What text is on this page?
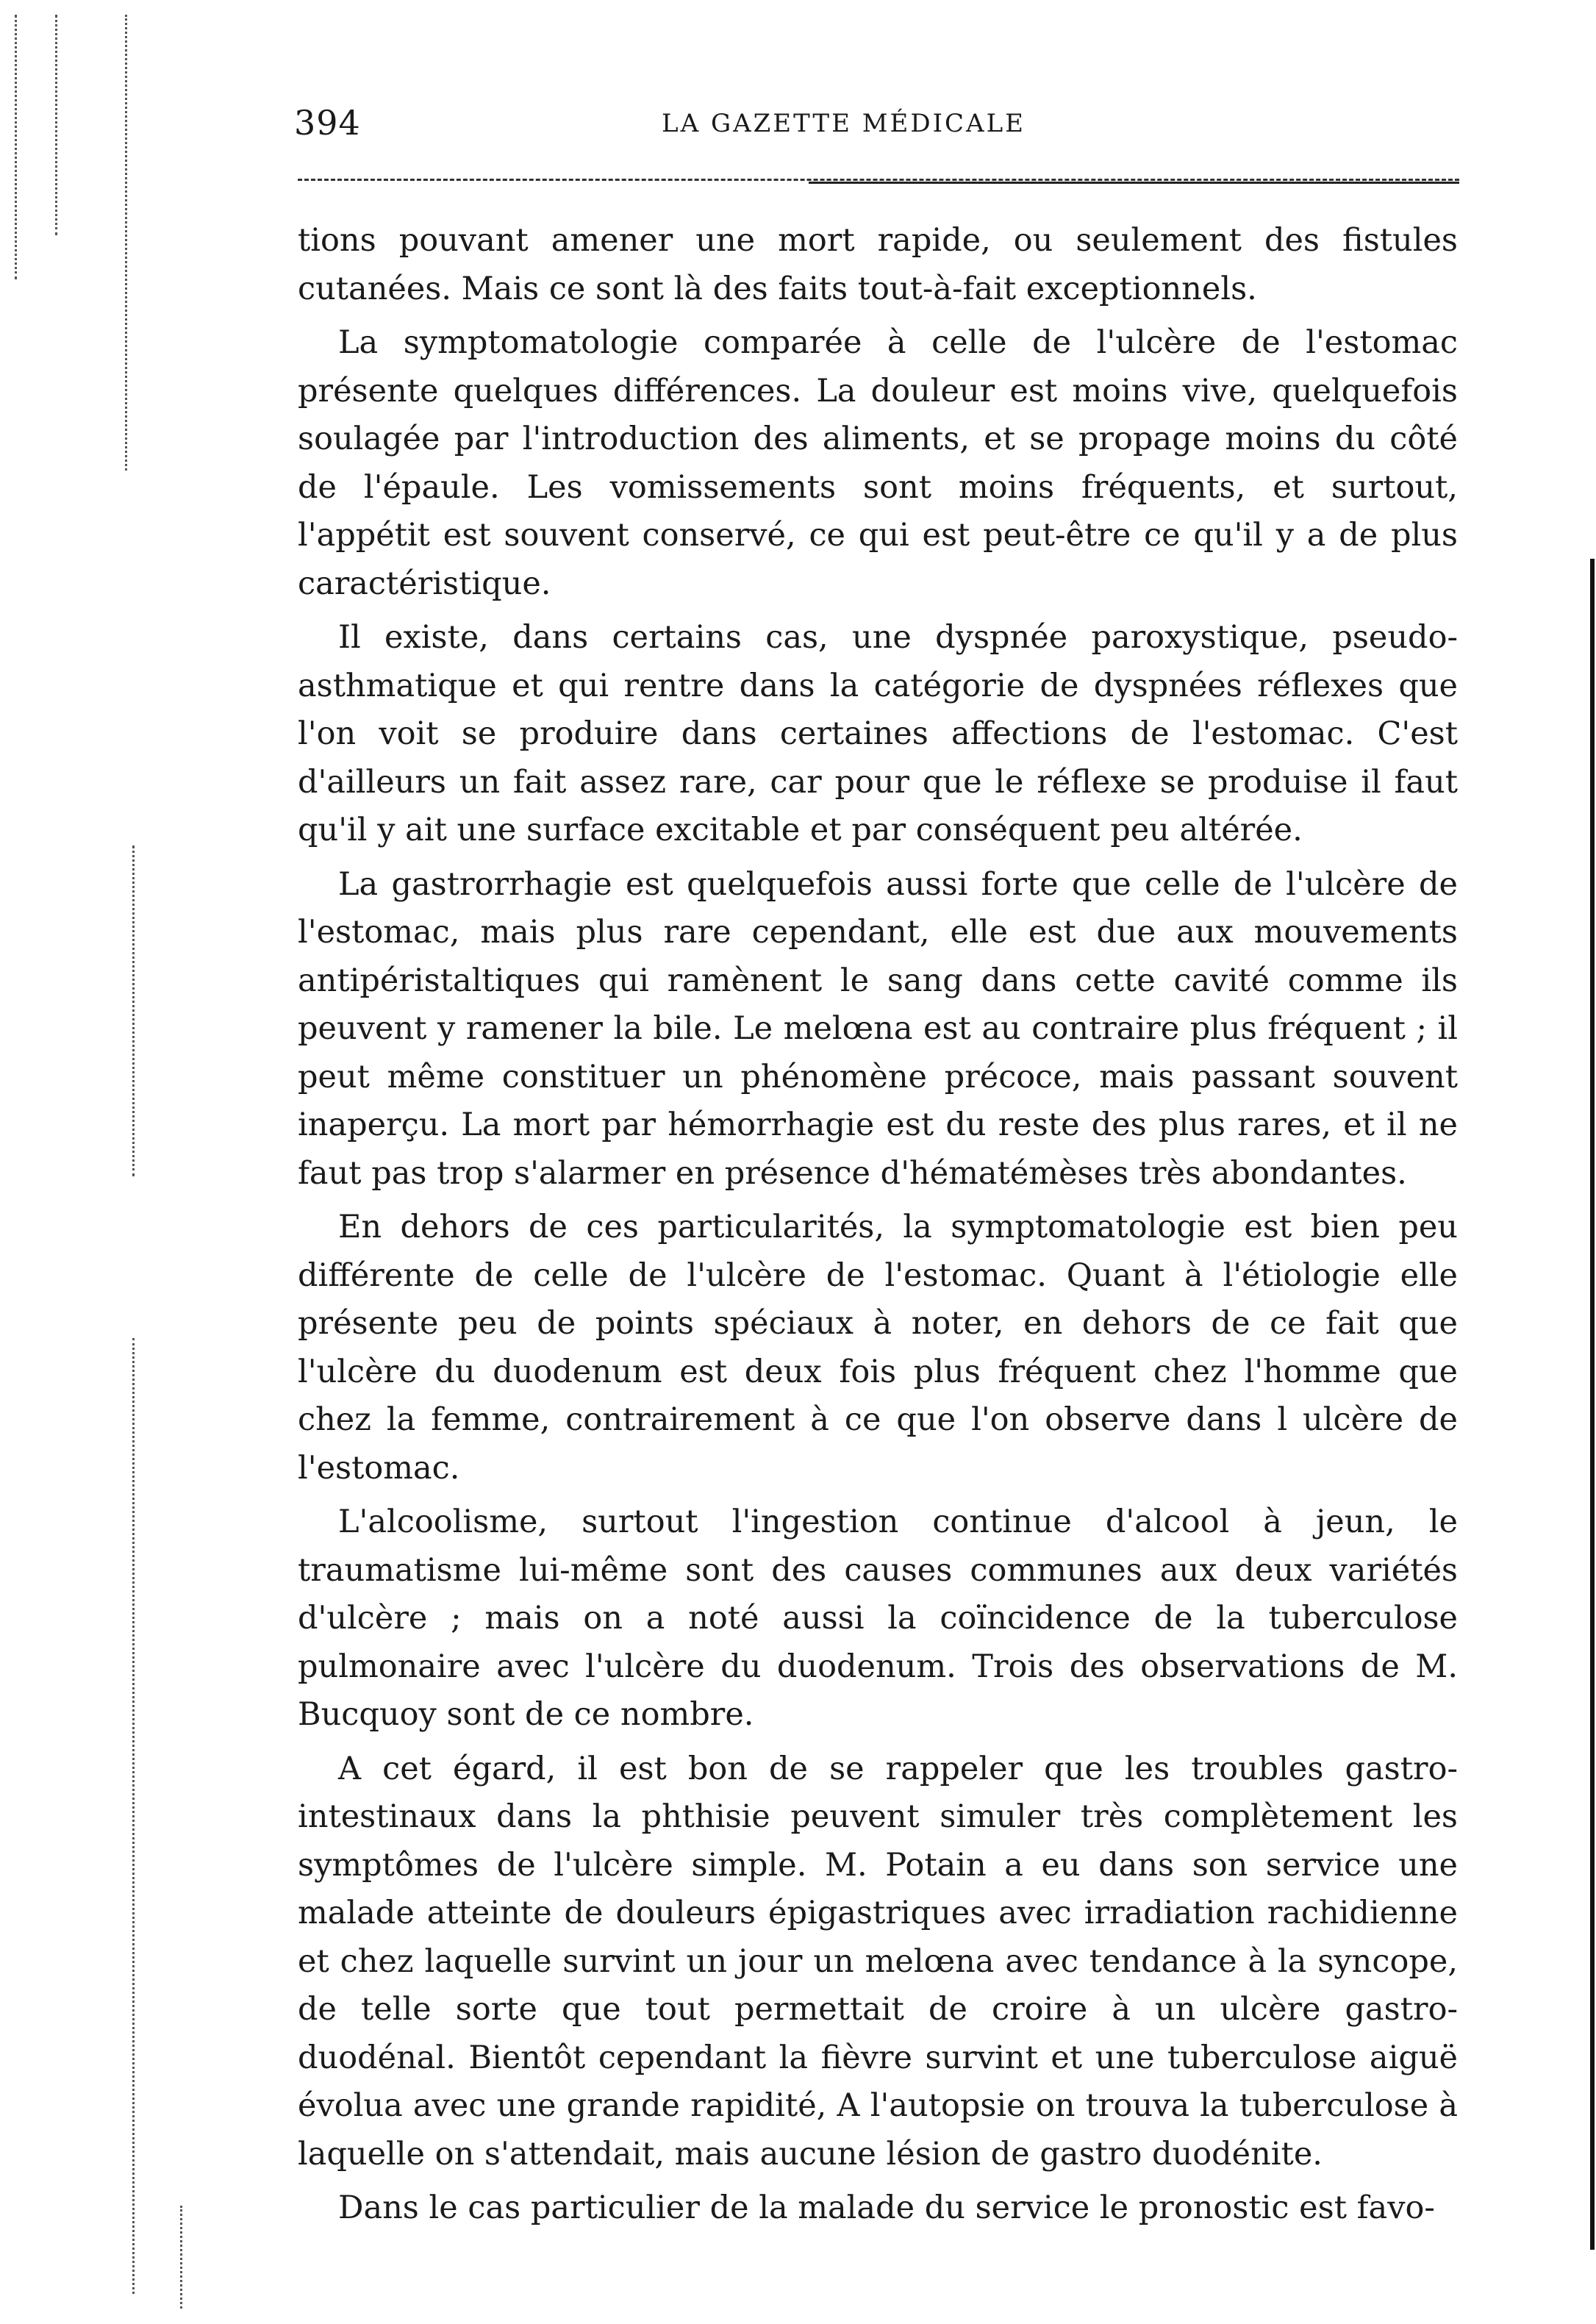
394	LA GAZETTE MÉDICALE

tions pouvant amener une mort rapide, ou seulement des fistules cutanées. Mais ce sont là des faits tout-à-fait exceptionnels.

La symptomatologie comparée à celle de l'ulcère de l'estomac présente quelques différences. La douleur est moins vive, quelquefois soulagée par l'introduction des aliments, et se propage moins du côté de l'épaule. Les vomissements sont moins fréquents, et surtout, l'appétit est souvent conservé, ce qui est peut-être ce qu'il y a de plus caractéristique.

Il existe, dans certains cas, une dyspnée paroxystique, pseudo-asthmatique et qui rentre dans la catégorie de dyspnées réflexes que l'on voit se produire dans certaines affections de l'estomac. C'est d'ailleurs un fait assez rare, car pour que le réflexe se produise il faut qu'il y ait une surface excitable et par conséquent peu altérée.

La gastrorrhagie est quelquefois aussi forte que celle de l'ulcère de l'estomac, mais plus rare cependant, elle est due aux mouvements antipéristaltiques qui ramènent le sang dans cette cavité comme ils peuvent y ramener la bile. Le melœna est au contraire plus fréquent ; il peut même constituer un phénomène précoce, mais passant souvent inaperçu. La mort par hémorrhagie est du reste des plus rares, et il ne faut pas trop s'alarmer en présence d'hématémèses très abondantes.

En dehors de ces particularités, la symptomatologie est bien peu différente de celle de l'ulcère de l'estomac. Quant à l'étiologie elle présente peu de points spéciaux à noter, en dehors de ce fait que l'ulcère du duodenum est deux fois plus fréquent chez l'homme que chez la femme, contrairement à ce que l'on observe dans l ulcère de l'estomac.

L'alcoolisme, surtout l'ingestion continue d'alcool à jeun, le traumatisme lui-même sont des causes communes aux deux variétés d'ulcère ; mais on a noté aussi la coïncidence de la tuberculose pulmonaire avec l'ulcère du duodenum. Trois des observations de M. Bucquoy sont de ce nombre.

A cet égard, il est bon de se rappeler que les troubles gastro-intestinaux dans la phthisie peuvent simuler très complètement les symptômes de l'ulcère simple. M. Potain a eu dans son service une malade atteinte de douleurs épigastriques avec irradiation rachidienne et chez laquelle survint un jour un melœna avec tendance à la syncope, de telle sorte que tout permettait de croire à un ulcère gastro-duodénal. Bientôt cependant la fièvre survint et une tuberculose aiguë évolua avec une grande rapidité, A l'autopsie on trouva la tuberculose à laquelle on s'attendait, mais aucune lésion de gastro duodénite.

Dans le cas particulier de la malade du service le pronostic est favo-
